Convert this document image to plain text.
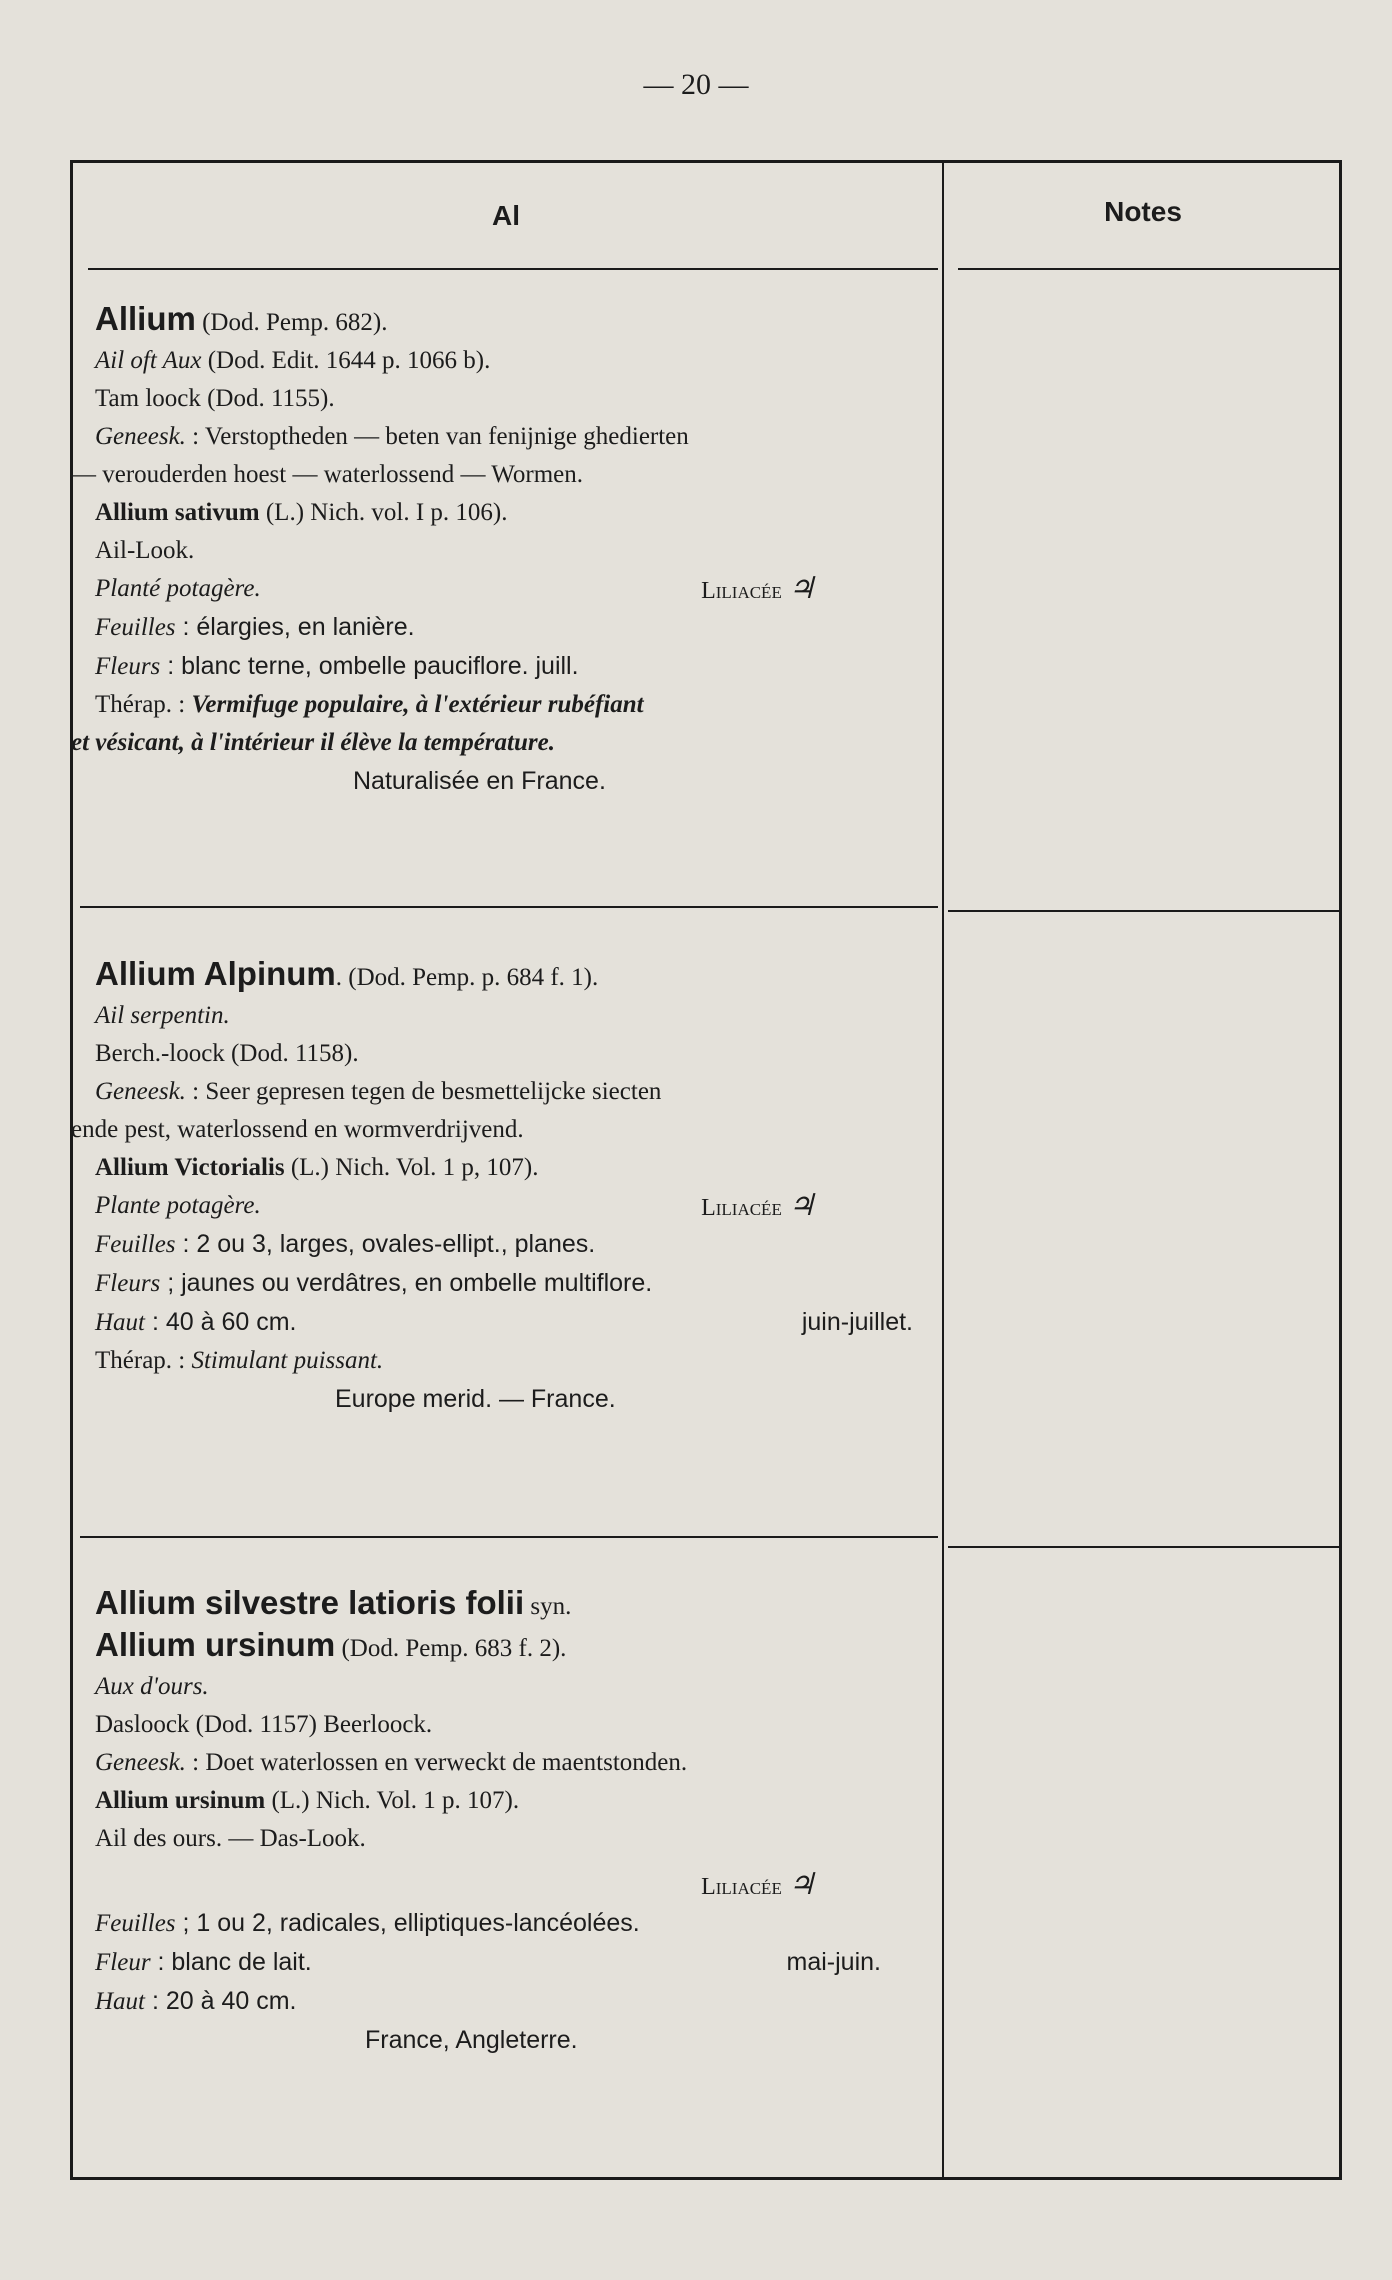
— 20 —
Al	Notes
Allium (Dod. Pemp. 682).
Ail oft Aux (Dod. Edit. 1644 p. 1066 b).
Tam loock (Dod. 1155).
Geneesk. : Verstoptheden — beten van fenijnige ghedierten
— verouderden hoest — waterlossend — Wormen.
Allium sativum (L.) Nich. vol. I p. 106).
Ail-Look.
Planté potagère.	Liliacée ♃
Feuilles : élargies, en lanière.
Fleurs : blanc terne, ombelle pauciflore. juill.
Thérap. : Vermifuge populaire, à l'extérieur rubéfiant
et vésicant, à l'intérieur il élève la température.
Naturalisée en France.
Allium Alpinum. (Dod. Pemp. p. 684 f. 1).
Ail serpentin.
Berch.-loock (Dod. 1158).
Geneesk. : Seer gepresen tegen de besmettelijcke siecten
ende pest, waterlossend en wormverdrijvend.
Allium Victorialis (L.) Nich. Vol. 1 p, 107).
Plante potagère.	Liliacée ♃
Feuilles : 2 ou 3, larges, ovales-ellipt., planes.
Fleurs ; jaunes ou verdâtres, en ombelle multiflore.
Haut : 40 à 60 cm.	juin-juillet.
Thérap. : Stimulant puissant.
Europe merid. — France.
Allium silvestre latioris folii syn.
Allium ursinum (Dod. Pemp. 683 f. 2).
Aux d'ours.
Dasloock (Dod. 1157) Beerloock.
Geneesk. : Doet waterlossen en verweckt de maentstonden.
Allium ursinum (L.) Nich. Vol. 1 p. 107).
Ail des ours. — Das-Look.
Liliacée ♃
Feuilles ; 1 ou 2, radicales, elliptiques-lancéolées.
Fleur : blanc de lait.	mai-juin.
Haut : 20 à 40 cm.
France, Angleterre.
